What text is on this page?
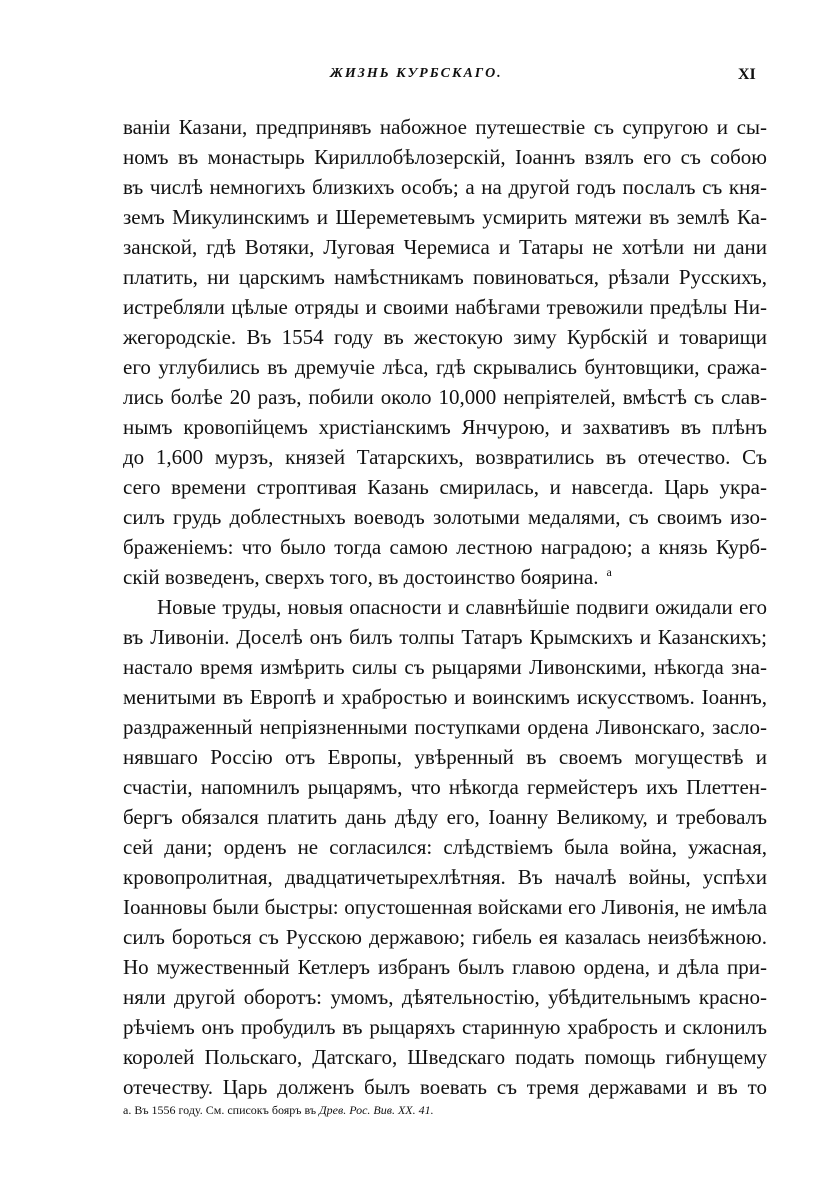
ЖИЗНЬ КУРБСКАГО.	XI
ваніи Казани, предпринявъ набожное путешествіе съ супругою и сы-
номъ въ монастырь Кириллобѣлозерскій, Іоаннъ взялъ его съ собою
въ числѣ немногихъ близкихъ особъ; а на другой годъ послалъ съ кня-
земъ Микулинскимъ и Шереметевымъ усмирить мятежи въ землѣ Ка-
занской, гдѣ Вотяки, Луговая Черемиса и Татары не хотѣли ни дани
платить, ни царскимъ намѣстникамъ повиноваться, рѣзали Русскихъ,
истребляли цѣлые отряды и своими набѣгами тревожили предѣлы Ни-
жегородскіе. Въ 1554 году въ жестокую зиму Курбскій и товарищи
его углубились въ дремучіе лѣса, гдѣ скрывались бунтовщики, сража-
лись болѣе 20 разъ, побили около 10,000 непріятелей, вмѣстѣ съ слав-
нымъ кровопійцемъ христіанскимъ Янчурою, и захвативъ въ плѣнъ
до 1,600 мурзъ, князей Татарскихъ, возвратились въ отечество. Съ
сего времени строптивая Казань смирилась, и навсегда. Царь укра-
силъ грудь доблестныхъ воеводъ золотыми медалями, съ своимъ изо-
браженіемъ: что было тогда самою лестною наградою; а князь Курб-
скій возведенъ, сверхъ того, въ достоинство боярина. $^а$
Новые труды, новыя опасности и славнѣйшіе подвиги ожидали его
въ Ливоніи. Доселѣ онъ билъ толпы Татаръ Крымскихъ и Казанскихъ;
настало время измѣрить силы съ рыцарями Ливонскими, нѣкогда зна-
менитыми въ Европѣ и храбростью и воинскимъ искусствомъ. Іоаннъ,
раздраженный непріязненными поступками ордена Ливонскаго, засло-
нявшаго Россію отъ Европы, увѣренный въ своемъ могуществѣ и
счастіи, напомнилъ рыцарямъ, что нѣкогда гермейстеръ ихъ Плеттен-
бергъ обязался платить дань дѣду его, Іоанну Великому, и требовалъ
сей дани; орденъ не согласился: слѣдствіемъ была война, ужасная,
кровопролитная, двадцатичетырехлѣтняя. Въ началѣ войны, успѣхи
Іоанновы были быстры: опустошенная войсками его Ливонія, не имѣла
силъ бороться съ Русскою державою; гибель ея казалась неизбѣжною.
Но мужественный Кетлеръ избранъ былъ главою ордена, и дѣла при-
няли другой оборотъ: умомъ, дѣятельностію, убѣдительнымъ красно-
рѣчіемъ онъ пробудилъ въ рыцаряхъ старинную храбрость и склонилъ
королей Польскаго, Датскаго, Шведскаго подать помощь гибнущему
отечеству. Царь долженъ былъ воевать съ тремя державами и въ то
а. Въ 1556 году. См. списокъ бояръ въ Древ. Рос. Вив. XX. 41.
